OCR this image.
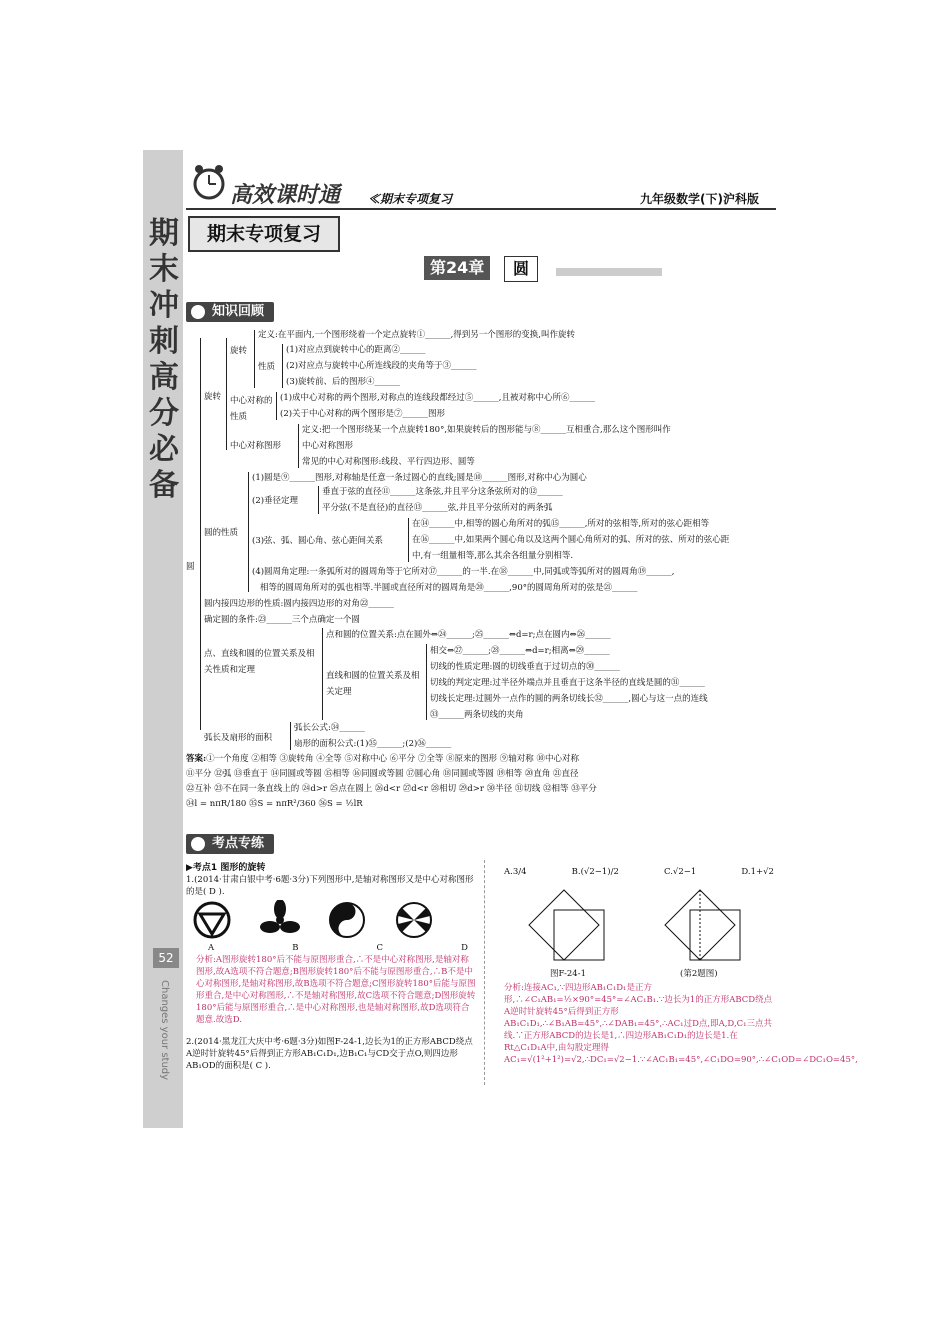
期末冲刺高分必备
52
Changes your study
高效课时通 ≪期末专项复习	九年级数学(下)沪科版
期末专项复习
第24章	圆
知识回顾
圆
旋转
旋转
定义:在平面内,一个图形绕着一个定点旋转①______,得到另一个图形的变换,叫作旋转
性质
(1)对应点到旋转中心的距离②______
(2)对应点与旋转中心所连线段的夹角等于③______
(3)旋转前、后的图形④______
中心对称的性质
(1)成中心对称的两个图形,对称点的连线段都经过⑤______,且被对称中心所⑥______
(2)关于中心对称的两个图形是⑦______图形
中心对称图形
定义:把一个图形绕某一个点旋转180°,如果旋转后的图形能与⑧______互相重合,那么这个图形叫作
中心对称图形
常见的中心对称图形:线段、平行四边形、圆等
圆的性质
(1)圆是⑨______图形,对称轴是任意一条过圆心的直线;圆是⑩______图形,对称中心为圆心
(2)垂径定理
垂直于弦的直径⑪______这条弦,并且平分这条弦所对的⑫______
平分弦(不是直径)的直径⑬______弦,并且平分弦所对的两条弧
(3)弦、弧、圆心角、弦心距间关系
在⑭______中,相等的圆心角所对的弧⑮______,所对的弦相等,所对的弦心距相等
在⑯______中,如果两个圆心角以及这两个圆心角所对的弧、所对的弦、所对的弦心距
中,有一组量相等,那么其余各组量分别相等.
(4)圆周角定理:一条弧所对的圆周角等于它所对⑰______的一半.在⑱______中,同弧或等弧所对的圆周角⑲______,
相等的圆周角所对的弧也相等.半圆或直径所对的圆周角是⑳______,90°的圆周角所对的弦是㉑______
圆内接四边形的性质:圆内接四边形的对角㉒______
确定圆的条件:㉓______三个点确定一个圆
点、直线和圆的位置关系及相关性质和定理
点和圆的位置关系:点在圆外⇔㉔______;㉕______⇔d=r;点在圆内⇔㉖______
直线和圆的位置关系及相关定理
相交⇔㉗______;㉘______⇔d=r;相离⇔㉙______
切线的性质定理:圆的切线垂直于过切点的㉚______
切线的判定定理:过半径外端点并且垂直于这条半径的直线是圆的㉛______
切线长定理:过圆外一点作的圆的两条切线长㉜______,圆心与这一点的连线
㉝______两条切线的夹角
弧长及扇形的面积
弧长公式:㉞______
扇形的面积公式:(1)㉟______;(2)㊱______
答案:①一个角度 ②相等 ③旋转角 ④全等 ⑤对称中心 ⑥平分 ⑦全等 ⑧原来的图形 ⑨轴对称 ⑩中心对称
⑪平分 ⑫弧 ⑬垂直于 ⑭同圆或等圆 ⑮相等 ⑯同圆或等圆 ⑰圆心角 ⑱同圆或等圆 ⑲相等 ⑳直角 ㉑直径
㉒互补 ㉓不在同一条直线上的 ㉔d>r ㉕点在圆上 ㉖d<r ㉗d<r ㉘相切 ㉙d>r ㉚半径 ㉛切线 ㉜相等 ㉝平分
㉞l = nπR/180 ㉟S = nπR²/360 ㊱S = ½lR
考点专练
▶考点1 图形的旋转
1.(2014·甘肃白银中考·6题·3分)下列图形中,是轴对称图形又是中心对称图形的是( D ).
A	B	C	D
分析:A图形旋转180°后不能与原图形重合,∴不是中心对称图形,是轴对称图形,故A选项不符合题意;B图形旋转180°后不能与原图形重合,∴B不是中心对称图形,是轴对称图形,故B选项不符合题意;C图形旋转180°后能与原图形重合,是中心对称图形,∴不是轴对称图形,故C选项不符合题意;D图形旋转180°后能与原图形重合,∴是中心对称图形,也是轴对称图形,故D选项符合题意.故选D.
2.(2014·黑龙江大庆中考·6题·3分)如图F-24-1,边长为1的正方形ABCD绕点A逆时针旋转45°后得到正方形AB₁C₁D₁,边B₁C₁与CD交于点O,则四边形AB₁OD的面积是( C ).
A.3/4	B.(√2−1)/2	C.√2−1	D.1+√2
图F-24-1	(第2题图)
分析:连接AC₁,∵四边形AB₁C₁D₁是正方形,∴∠C₁AB₁=½×90°=45°=∠AC₁B₁.∵边长为1的正方形ABCD绕点A逆时针旋转45°后得到正方形AB₁C₁D₁,∴∠B₁AB=45°,∴∠DAB₁=45°,∴AC₁过D点,即A,D,C₁三点共线.∵正方形ABCD的边长是1,∴四边形AB₁C₁D₁的边长是1.在Rt△C₁D₁A中,由勾股定理得AC₁=√(1²+1²)=√2,∴DC₁=√2−1.∵∠AC₁B₁=45°,∠C₁DO=90°,∴∠C₁OD=∠DC₁O=45°,
